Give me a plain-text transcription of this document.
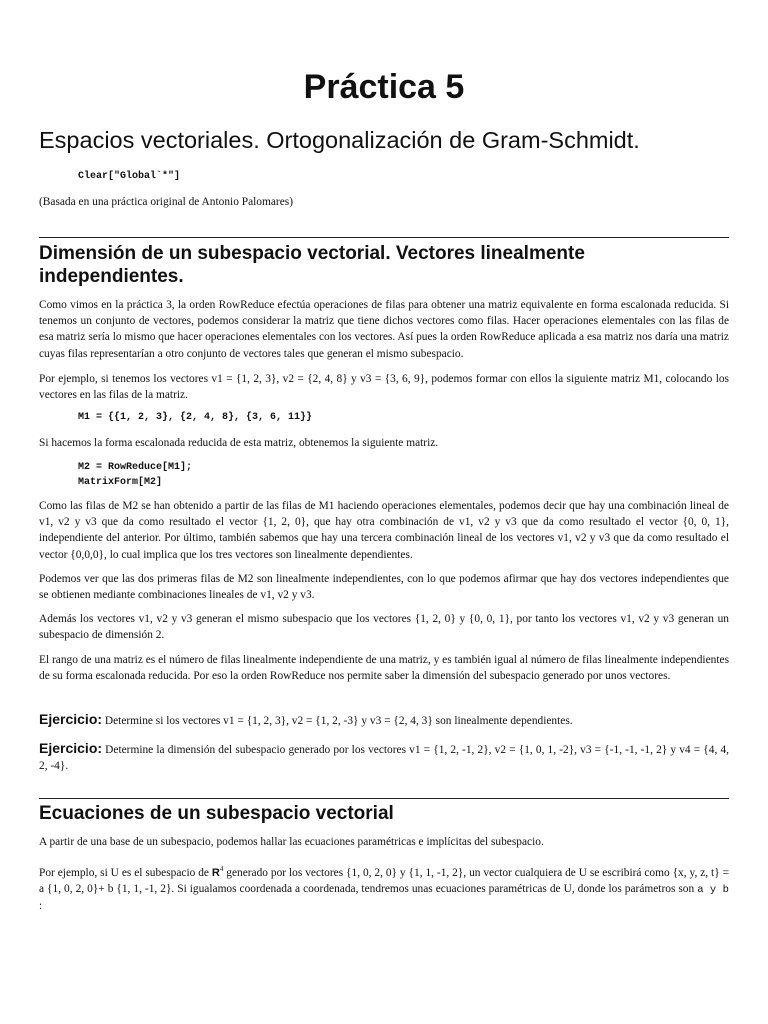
Práctica 5
Espacios vectoriales. Ortogonalización de Gram-Schmidt.

Clear["Global`*"]

(Basada en una práctica original de Antonio Palomares)

Dimensión de un subespacio vectorial. Vectores linealmente independientes.

Como vimos en la práctica 3, la orden RowReduce efectúa operaciones de filas para obtener una matriz equivalente en forma escalonada reducida. Si tenemos un conjunto de vectores, podemos considerar la matriz que tiene dichos vectores como filas. Hacer operaciones elementales con las filas de esa matriz sería lo mismo que hacer operaciones elementales con los vectores. Así pues la orden RowReduce aplicada a esa matriz nos daría una matriz cuyas filas representarían a otro conjunto de vectores tales que generan el mismo subespacio.

Por ejemplo, si tenemos los vectores v1 = {1, 2, 3}, v2 = {2, 4, 8} y v3 = {3, 6, 9}, podemos formar con ellos la siguiente matriz M1, colocando los vectores en las filas de la matriz.

M1 = {{1, 2, 3}, {2, 4, 8}, {3, 6, 11}}

Si hacemos la forma escalonada reducida de esta matriz, obtenemos la siguiente matriz.

M2 = RowReduce[M1];

MatrixForm[M2]

Como las filas de M2 se han obtenido a partir de las filas de M1 haciendo operaciones elementales, podemos decir que hay una combinación lineal de v1, v2 y v3 que da como resultado el vector {1, 2, 0}, que hay otra combinación de v1, v2 y v3 que da como resultado el vector {0, 0, 1}, independiente del anterior. Por último, también sabemos que hay una tercera combinación lineal de los vectores v1, v2 y v3 que da como resultado el vector {0,0,0}, lo cual implica que los tres vectores son linealmente dependientes.

Podemos ver que las dos primeras filas de M2 son linealmente independientes, con lo que podemos afirmar que hay dos vectores independientes que se obtienen mediante combinaciones lineales de v1, v2 y v3.

Además los vectores v1, v2 y v3 generan el mismo subespacio que los vectores {1, 2, 0} y {0, 0, 1}, por tanto los vectores v1, v2 y v3 generan un subespacio de dimensión 2.

El rango de una matriz es el número de filas linealmente independiente de una matriz, y es también igual al número de filas linealmente independientes de su forma escalonada reducida. Por eso la orden RowReduce nos permite saber la dimensión del subespacio generado por unos vectores.

Ejercicio: Determine si los vectores v1 = {1, 2, 3}, v2 = {1, 2, -3} y v3 = {2, 4, 3} son linealmente dependientes.

Ejercicio: Determine la dimensión del subespacio generado por los vectores v1 = {1, 2, -1, 2}, v2 = {1, 0, 1, -2}, v3 = {-1, -1, -1, 2} y v4 = {4, 4, 2, -4}.

Ecuaciones de un subespacio vectorial

A partir de una base de un subespacio, podemos hallar las ecuaciones paramétricas e implícitas del subespacio.

Por ejemplo, si U es el subespacio de $R^4$ generado por los vectores {1, 0, 2, 0} y {1, 1, -1, 2}, un vector cualquiera de U se escribirá como {x, y, z, t} = a {1, 0, 2, 0}+ b {1, 1, -1, 2}. Si igualamos coordenada a coordenada, tendremos unas ecuaciones paramétricas de U, donde los parámetros son a y b :
